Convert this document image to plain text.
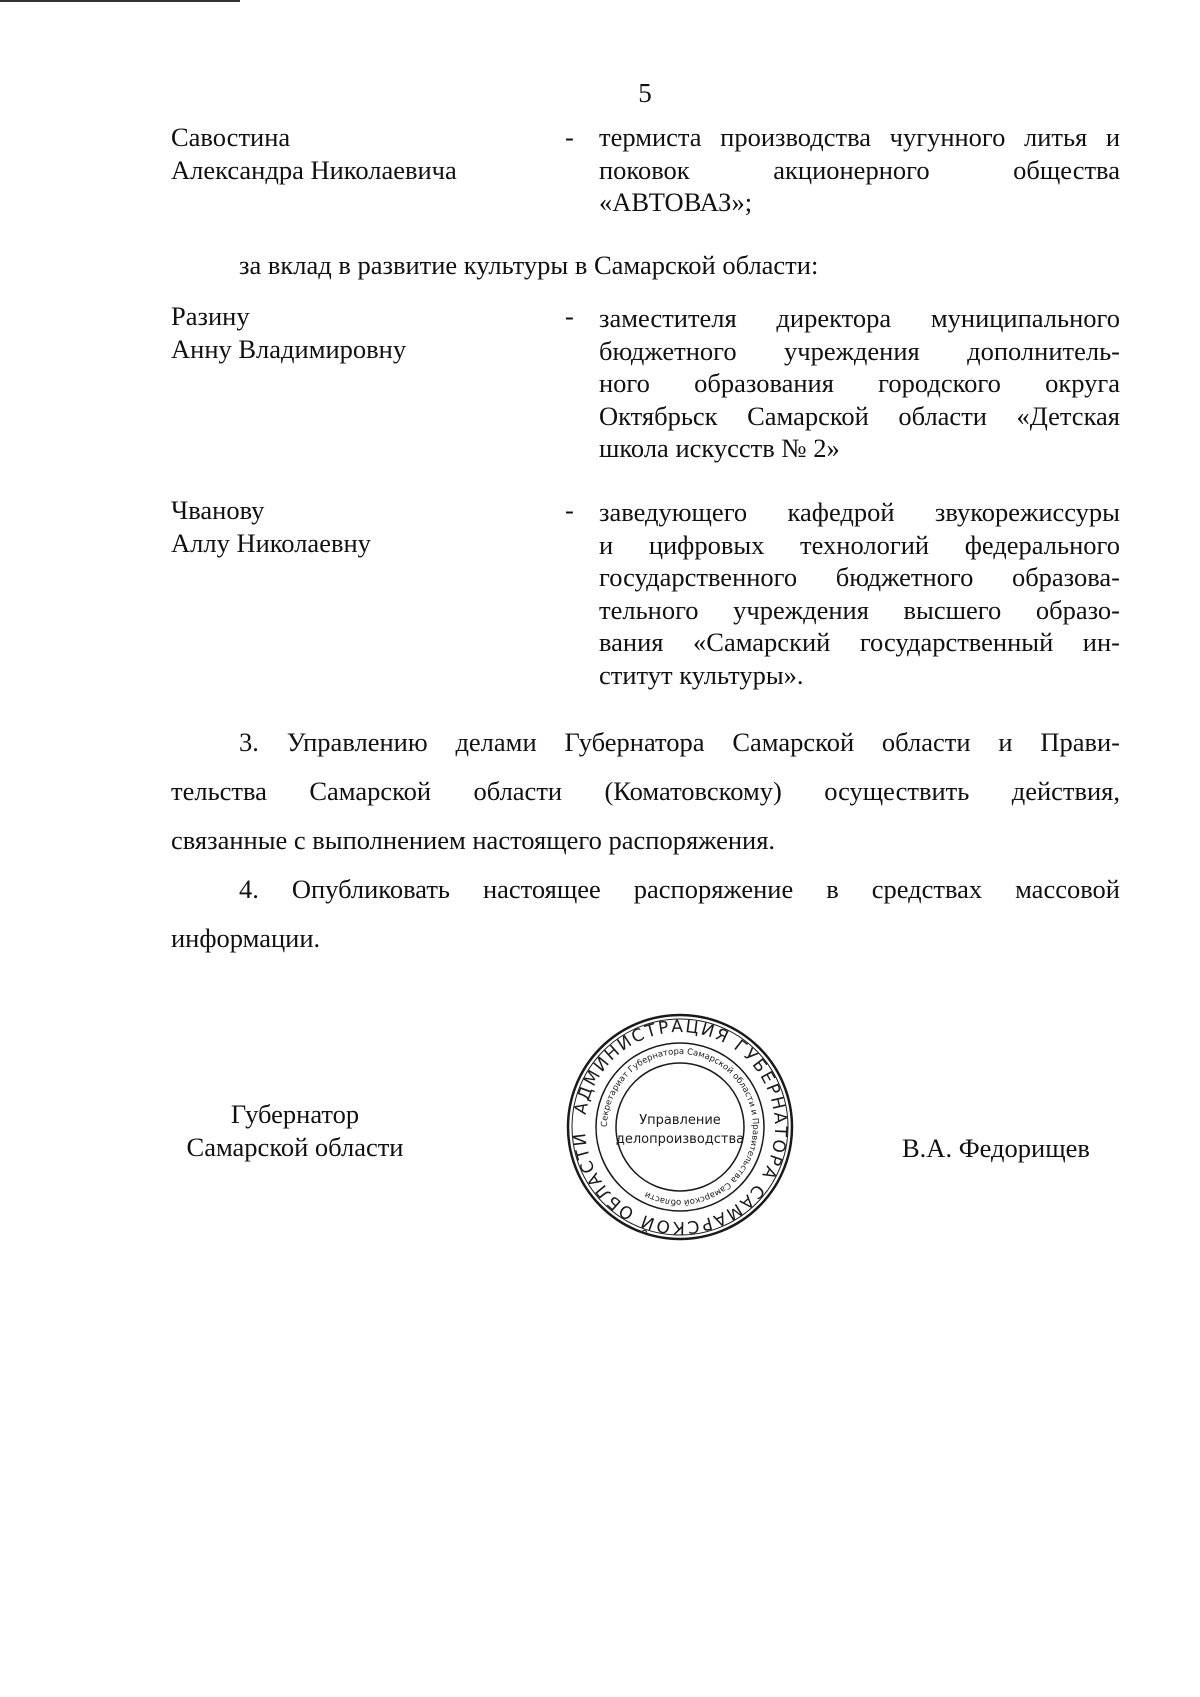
5
Савостина
Александра Николаевича
- термиста производства чугунного литья и
поковок акционерного общества
«АВТОВАЗ»;
за вклад в развитие культуры в Самарской области:
Разину
Анну Владимировну
- заместителя директора муниципального
бюджетного учреждения дополнитель-
ного образования городского округа
Октябрьск Самарской области «Детская
школа искусств № 2»
Чванову
Аллу Николаевну
- заведующего кафедрой звукорежиссуры
и цифровых технологий федерального
государственного бюджетного образова-
тельного учреждения высшего образо-
вания «Самарский государственный ин-
ститут культуры».
3. Управлению делами Губернатора Самарской области и Прави-
тельства Самарской области (Коматовскому) осуществить действия,
связанные с выполнением настоящего распоряжения.
4. Опубликовать настоящее распоряжение в средствах массовой
информации.
Губернатор
Самарской области
АДМИНИСТРАЦИЯ ГУБЕРНАТОРА САМАРСКОЙ ОБЛАСТИ
Секретариат Губернатора Самарской области и Правительства Самарской области
Управление
делопроизводства	В.А. Федорищев
